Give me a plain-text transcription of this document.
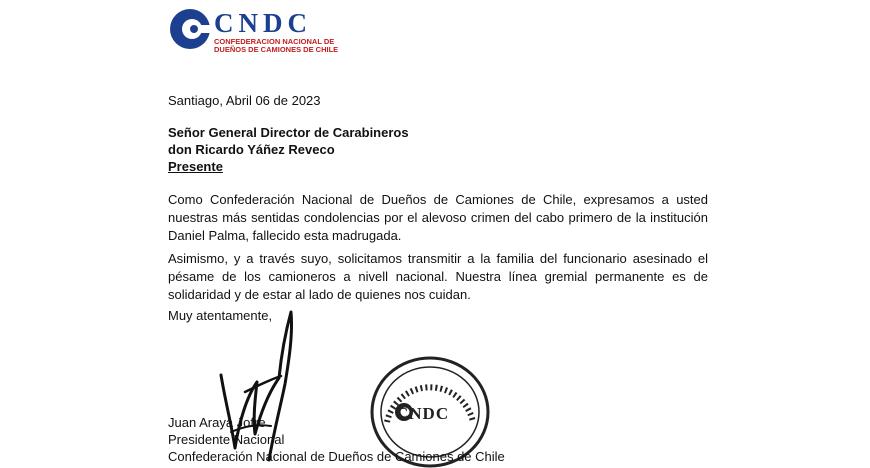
CNDC
CONFEDERACION NACIONAL DE
DUEÑOS DE CAMIONES DE CHILE
Santiago, Abril 06 de 2023
Señor General Director de Carabineros
don Ricardo Yáñez Reveco
Presente
Como Confederación Nacional de Dueños de Camiones de Chile, expresamos a usted nuestras más sentidas condolencias por el alevoso crimen del cabo primero de la institución Daniel Palma, fallecido esta madrugada.
Asimismo, y a través suyo, solicitamos transmitir a la familia del funcionario asesinado el pésame de los camioneros a nivell nacional. Nuestra línea gremial permanente es de solidaridad y de estar al lado de quienes nos cuidan.
Muy atentamente,
CNDC
Juan Araya Jofre
Presidente Nacional
Confederación Nacional de Dueños de Camiones de Chile
